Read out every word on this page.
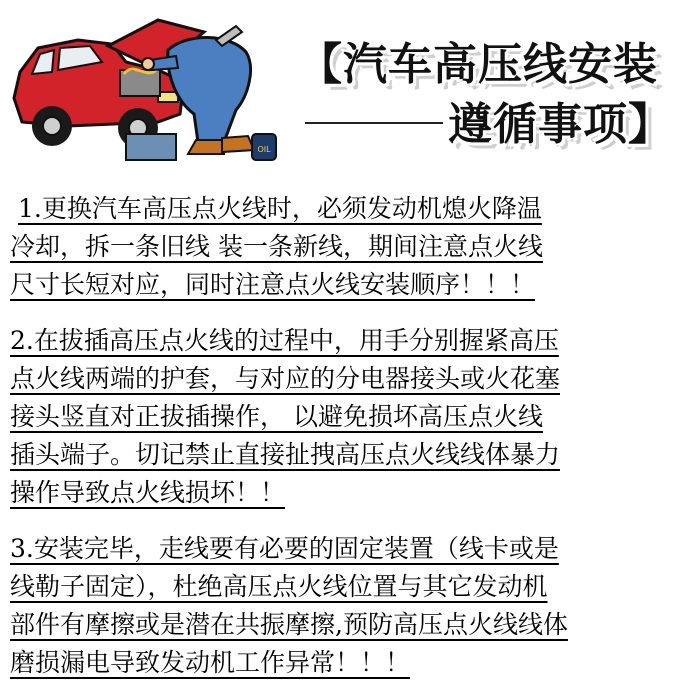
OIL
【汽车高压线安装
遵循事项】
1.更换汽车高压点火线时，必须发动机熄火降温
冷却，拆一条旧线 装一条新线，期间注意点火线
尺寸长短对应，同时注意点火线安装顺序！！！
2.在拔插高压点火线的过程中，用手分别握紧高压
点火线两端的护套，与对应的分电器接头或火花塞
接头竖直对正拔插操作， 以避免损坏高压点火线
插头端子。切记禁止直接扯拽高压点火线线体暴力
操作导致点火线损坏！！
3.安装完毕，走线要有必要的固定装置（线卡或是
线勒子固定），杜绝高压点火线位置与其它发动机
部件有摩擦或是潜在共振摩擦,预防高压点火线线体
磨损漏电导致发动机工作异常！！！
